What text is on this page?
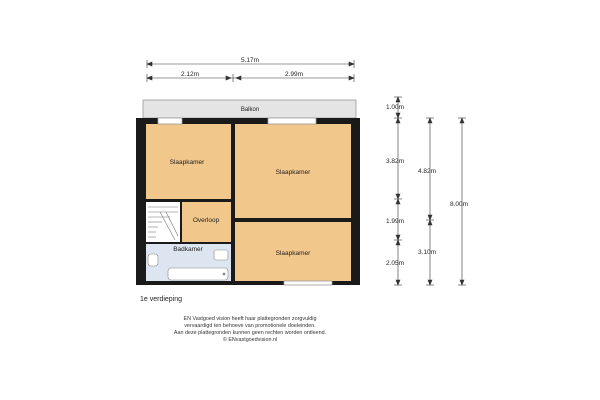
Balkon
Slaapkamer
Slaapkamer
Overloop
Badkamer
Slaapkamer
5.17m
2.12m	2.99m
1.00m
3.82m
1.99m
2.05m
4.82m
3.10m
8.00m
1e verdieping
EN Vastgoed vision heeft haar plattegronden zorgvuldig
vervaardigd ten behoeve van promotionele doeleinden.
Aan deze plattegronden kunnen geen rechten worden ontleend.
© ENvastgoedvision.nl
